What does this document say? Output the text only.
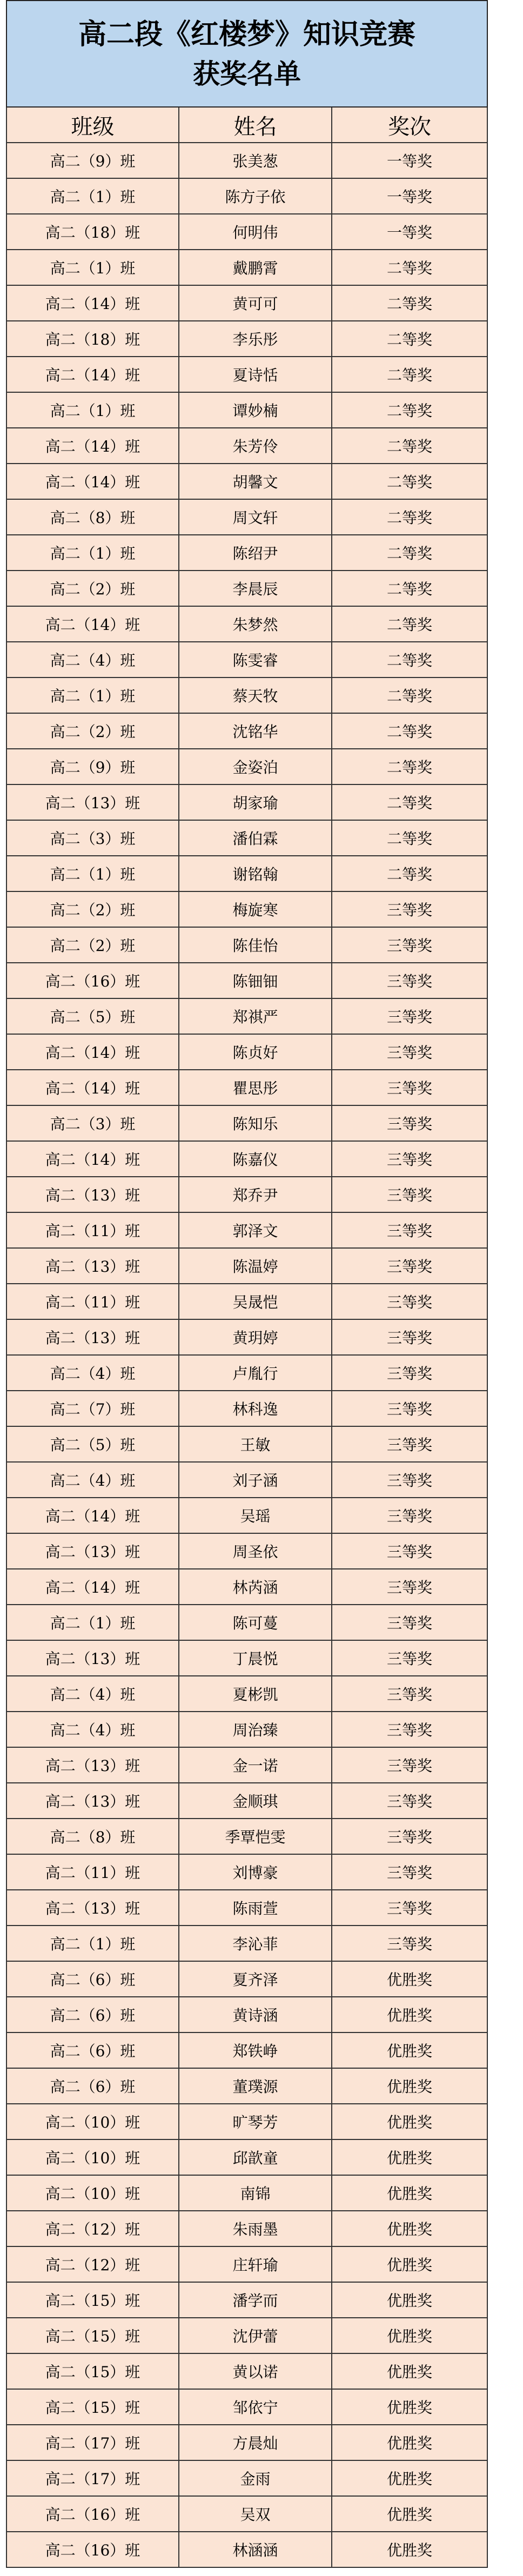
高二段《红楼梦》知识竞赛
获奖名单
班级	姓名	奖次
高二（9）班	张美葱	一等奖
高二（1）班	陈方子依	一等奖
高二（18）班	何明伟	一等奖
高二（1）班	戴鹏霄	二等奖
高二（14）班	黄可可	二等奖
高二（18）班	李乐彤	二等奖
高二（14）班	夏诗恬	二等奖
高二（1）班	谭妙楠	二等奖
高二（14）班	朱芳伶	二等奖
高二（14）班	胡馨文	二等奖
高二（8）班	周文轩	二等奖
高二（1）班	陈绍尹	二等奖
高二（2）班	李晨辰	二等奖
高二（14）班	朱梦然	二等奖
高二（4）班	陈雯睿	二等奖
高二（1）班	蔡天牧	二等奖
高二（2）班	沈铭华	二等奖
高二（9）班	金姿泊	二等奖
高二（13）班	胡家瑜	二等奖
高二（3）班	潘伯霖	二等奖
高二（1）班	谢铭翰	二等奖
高二（2）班	梅旋寒	三等奖
高二（2）班	陈佳怡	三等奖
高二（16）班	陈钿钿	三等奖
高二（5）班	郑祺严	三等奖
高二（14）班	陈贞好	三等奖
高二（14）班	瞿思彤	三等奖
高二（3）班	陈知乐	三等奖
高二（14）班	陈嘉仪	三等奖
高二（13）班	郑乔尹	三等奖
高二（11）班	郭泽文	三等奖
高二（13）班	陈温婷	三等奖
高二（11）班	吴晟恺	三等奖
高二（13）班	黄玥婷	三等奖
高二（4）班	卢胤行	三等奖
高二（7）班	林科逸	三等奖
高二（5）班	王敏	三等奖
高二（4）班	刘子涵	三等奖
高二（14）班	吴瑶	三等奖
高二（13）班	周圣依	三等奖
高二（14）班	林芮涵	三等奖
高二（1）班	陈可蔓	三等奖
高二（13）班	丁晨悦	三等奖
高二（4）班	夏彬凯	三等奖
高二（4）班	周治臻	三等奖
高二（13）班	金一诺	三等奖
高二（13）班	金顺琪	三等奖
高二（8）班	季覃恺雯	三等奖
高二（11）班	刘博豪	三等奖
高二（13）班	陈雨萱	三等奖
高二（1）班	李沁菲	三等奖
高二（6）班	夏齐泽	优胜奖
高二（6）班	黄诗涵	优胜奖
高二（6）班	郑铁峥	优胜奖
高二（6）班	董璞源	优胜奖
高二（10）班	旷琴芳	优胜奖
高二（10）班	邱歆童	优胜奖
高二（10）班	南锦	优胜奖
高二（12）班	朱雨墨	优胜奖
高二（12）班	庄轩瑜	优胜奖
高二（15）班	潘学而	优胜奖
高二（15）班	沈伊蕾	优胜奖
高二（15）班	黄以诺	优胜奖
高二（15）班	邹依宁	优胜奖
高二（17）班	方晨灿	优胜奖
高二（17）班	金雨	优胜奖
高二（16）班	吴双	优胜奖
高二（16）班	林涵涵	优胜奖
